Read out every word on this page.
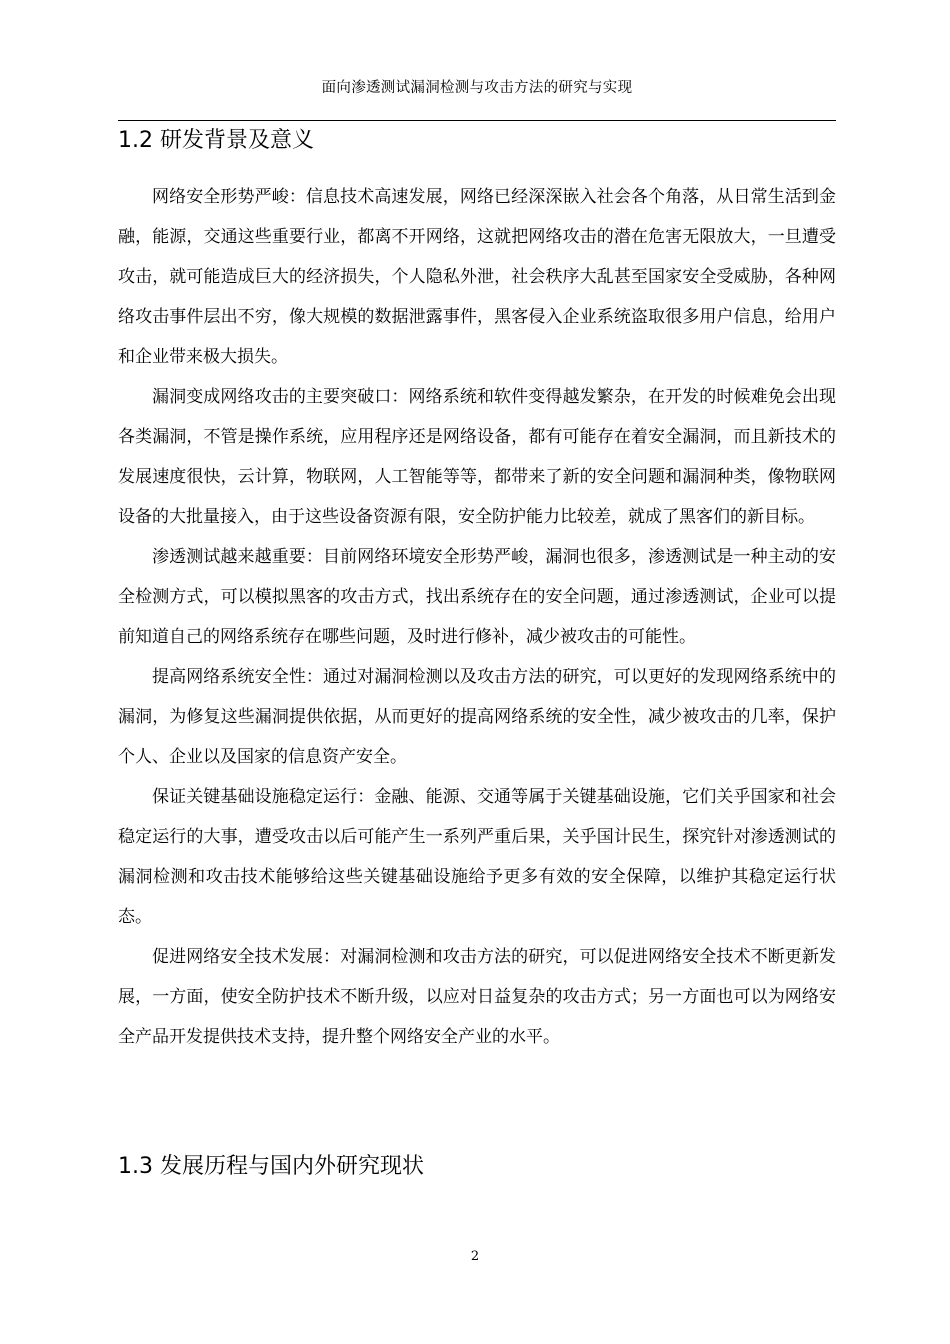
面向渗透测试漏洞检测与攻击方法的研究与实现
1.2 研发背景及意义

网络安全形势严峻：信息技术高速发展，网络已经深深嵌入社会各个角落，从日常生活到金融，能源，交通这些重要行业，都离不开网络，这就把网络攻击的潜在危害无限放大，一旦遭受攻击，就可能造成巨大的经济损失，个人隐私外泄，社会秩序大乱甚至国家安全受威胁，各种网络攻击事件层出不穷，像大规模的数据泄露事件，黑客侵入企业系统盗取很多用户信息，给用户和企业带来极大损失。

漏洞变成网络攻击的主要突破口：网络系统和软件变得越发繁杂，在开发的时候难免会出现各类漏洞，不管是操作系统，应用程序还是网络设备，都有可能存在着安全漏洞，而且新技术的发展速度很快，云计算，物联网，人工智能等等，都带来了新的安全问题和漏洞种类，像物联网设备的大批量接入，由于这些设备资源有限，安全防护能力比较差，就成了黑客们的新目标。

渗透测试越来越重要：目前网络环境安全形势严峻，漏洞也很多，渗透测试是一种主动的安全检测方式，可以模拟黑客的攻击方式，找出系统存在的安全问题，通过渗透测试，企业可以提前知道自己的网络系统存在哪些问题，及时进行修补，减少被攻击的可能性。

提高网络系统安全性：通过对漏洞检测以及攻击方法的研究，可以更好的发现网络系统中的漏洞，为修复这些漏洞提供依据，从而更好的提高网络系统的安全性，减少被攻击的几率，保护个人、企业以及国家的信息资产安全。

保证关键基础设施稳定运行：金融、能源、交通等属于关键基础设施，它们关乎国家和社会稳定运行的大事，遭受攻击以后可能产生一系列严重后果，关乎国计民生，探究针对渗透测试的漏洞检测和攻击技术能够给这些关键基础设施给予更多有效的安全保障，以维护其稳定运行状态。

促进网络安全技术发展：对漏洞检测和攻击方法的研究，可以促进网络安全技术不断更新发展，一方面，使安全防护技术不断升级，以应对日益复杂的攻击方式；另一方面也可以为网络安全产品开发提供技术支持，提升整个网络安全产业的水平。

1.3 发展历程与国内外研究现状
2
